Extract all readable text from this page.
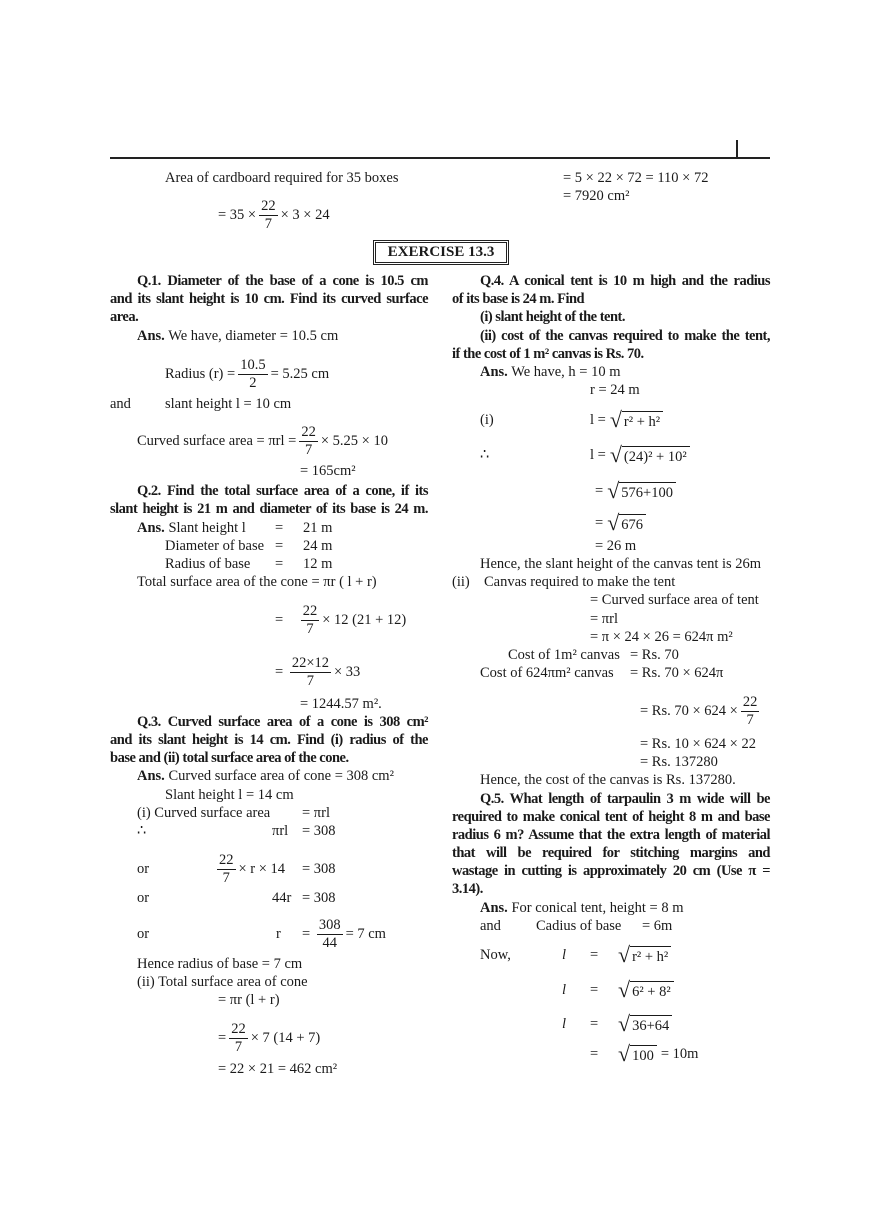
Area of cardboard required for 35 boxes
= $35 \times \frac{22}{7} \times 3 \times 24$
= 5 × 22 × 72 = 110 × 72
= 7920 cm²
EXERCISE 13.3
Q.1. Diameter of the base of a cone is 10.5 cm
and its slant height is 10 cm. Find its curved surface
area.
Ans. We have, diameter = 10.5 cm
Radius $(r) = \frac{10.5}{2} = 5.25$ cm
and slant height l = 10 cm
Curved surface area = $\pi rl = \frac{22}{7} \times 5.25 \times 10$
= 165cm²
Q.2. Find the total surface area of a cone, if its
slant height is 21 m and diameter of its base is 24 m.
Ans. Slant height l = 21 m
Diameter of base = 24 m
Radius of base = 12 m
Total surface area of the cone = πr ( l + r)
=
$\frac{22}{7} \times 12$ (21 + 12)
=
$\frac{22\times 12}{7} \times 33$
= 1244.57 m².
Q.3. Curved surface area of a cone is 308 cm²
and its slant height is 14 cm. Find (i) radius of the
base and (ii) total surface area of the cone.
Ans. Curved surface area of cone = 308 cm²
Slant height l = 14 cm
(i) Curved surface area = πrl
∴	πrl = 308
or	$\frac{22}{7} \times r \times 14 = 308$
or	44r = 308
or	r =
$\frac{308}{44} = 7$ cm
Hence radius of base = 7 cm
(ii) Total surface area of cone
= πr (l + r)
= $\frac{22}{7} \times 7$ (14 + 7)
= 22 × 21 = 462 cm²
Q.4. A conical tent is 10 m high and the radius
of its base is 24 m. Find
(i) slant height of the tent.
(ii) cost of the canvas required to make the tent,
if the cost of 1 m² canvas is Rs. 70.
Ans. We have, h = 10 m
r = 24 m
(i)	l = √ r² + h²
∴	l = √ (24)² + 10²
= √ 576+100
= √ 676
= 26 m
Hence, the slant height of the canvas tent is 26m
(ii) Canvas required to make the tent
= Curved surface area of tent
= πrl
= π × 24 × 26 = 624π m²
Cost of 1m² canvas = Rs. 70
Cost of 624πm² canvas = Rs. 70 × 624π
= Rs. $70 \times 624 \times \frac{22}{7}$
= Rs. 10 × 624 × 22
= Rs. 137280
Hence, the cost of the canvas is Rs. 137280.
Q.5. What length of tarpaulin 3 m wide will be
required to make conical tent of height 8 m and base
radius 6 m? Assume that the extra length of material
that will be required for stitching margins and
wastage in cutting is approximately 20 cm (Use π =
3.14).
Ans. For conical tent, height = 8 m
and Cadius of base = 6m
Now,	l = √ r² + h²
l = √ 6² + 8²
l = √ 36+64
= √ 100 = 10m
